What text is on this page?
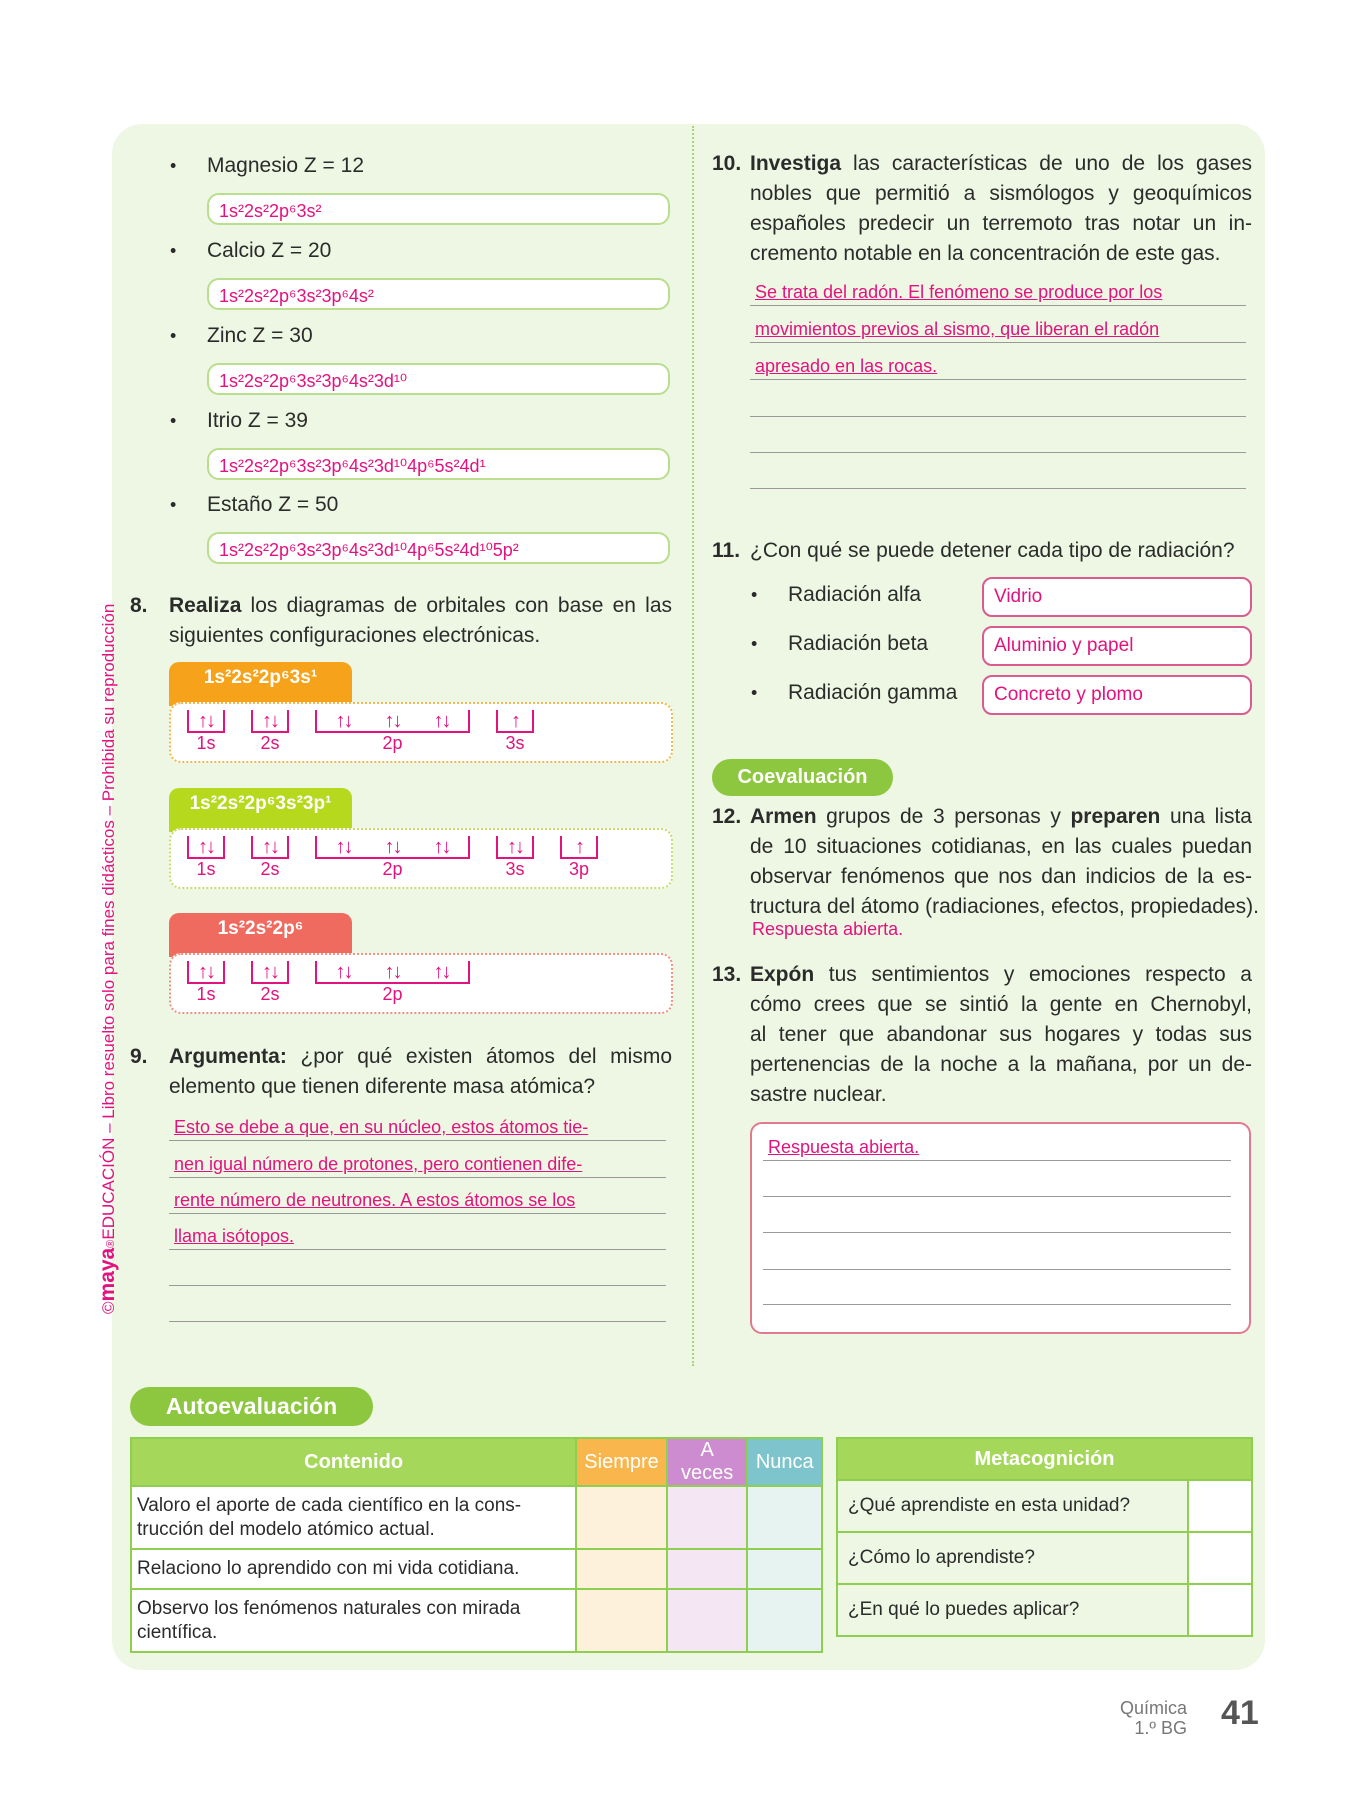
©maya®EDUCACIÓN – Libro resuelto solo para fines didácticos – Prohibida su reproducción
• Magnesio Z = 12
1s²2s²2p⁶3s²
• Calcio Z = 20
1s²2s²2p⁶3s²3p⁶4s²
• Zinc Z = 30
1s²2s²2p⁶3s²3p⁶4s²3d¹⁰
• Itrio Z = 39
1s²2s²2p⁶3s²3p⁶4s²3d¹⁰4p⁶5s²4d¹
• Estaño Z = 50
1s²2s²2p⁶3s²3p⁶4s²3d¹⁰4p⁶5s²4d¹⁰5p²
8. Realiza los diagramas de orbitales con base en las
siguientes configuraciones electrónicas.
1s²2s²2p⁶3s¹
↑↓
1s
↑↓
2s
↑↓	↑↓	↑↓
2p
↑
3s
1s²2s²2p⁶3s²3p¹
↑↓
1s
↑↓
2s
↑↓	↑↓	↑↓
2p
↑↓
3s
↑
3p
1s²2s²2p⁶
↑↓
1s
↑↓
2s
↑↓	↑↓	↑↓
2p
9. Argumenta: ¿por qué existen átomos del mismo
elemento que tienen diferente masa atómica?
Esto se debe a que, en su núcleo, estos átomos tie-
nen igual número de protones, pero contienen dife-
rente número de neutrones. A estos átomos se los
llama isótopos.
10. Investiga las características de uno de los gases
nobles que permitió a sismólogos y geoquímicos
españoles predecir un terremoto tras notar un in-
cremento notable en la concentración de este gas.
Se trata del radón. El fenómeno se produce por los
movimientos previos al sismo, que liberan el radón
apresado en las rocas.
11. ¿Con qué se puede detener cada tipo de radiación?
• Radiación alfa	Vidrio
• Radiación beta	Aluminio y papel
• Radiación gamma	Concreto y plomo
Coevaluación
12. Armen grupos de 3 personas y preparen una lista
de 10 situaciones cotidianas, en las cuales puedan
observar fenómenos que nos dan indicios de la es-
tructura del átomo (radiaciones, efectos, propiedades).
Respuesta abierta.
13. Expón tus sentimientos y emociones respecto a
cómo crees que se sintió la gente en Chernobyl,
al tener que abandonar sus hogares y todas sus
pertenencias de la noche a la mañana, por un de-
sastre nuclear.
Respuesta abierta.
Autoevaluación
Contenido	Siempre	A veces	Nunca
Valoro el aporte de cada científico en la cons-
trucción del modelo atómico actual.			
Relaciono lo aprendido con mi vida cotidiana.			
Observo los fenómenos naturales con mirada
científica.			
Metacognición	
¿Qué aprendiste en esta unidad?	
¿Cómo lo aprendiste?	
¿En qué lo puedes aplicar?	
Química
1.º BG 41
